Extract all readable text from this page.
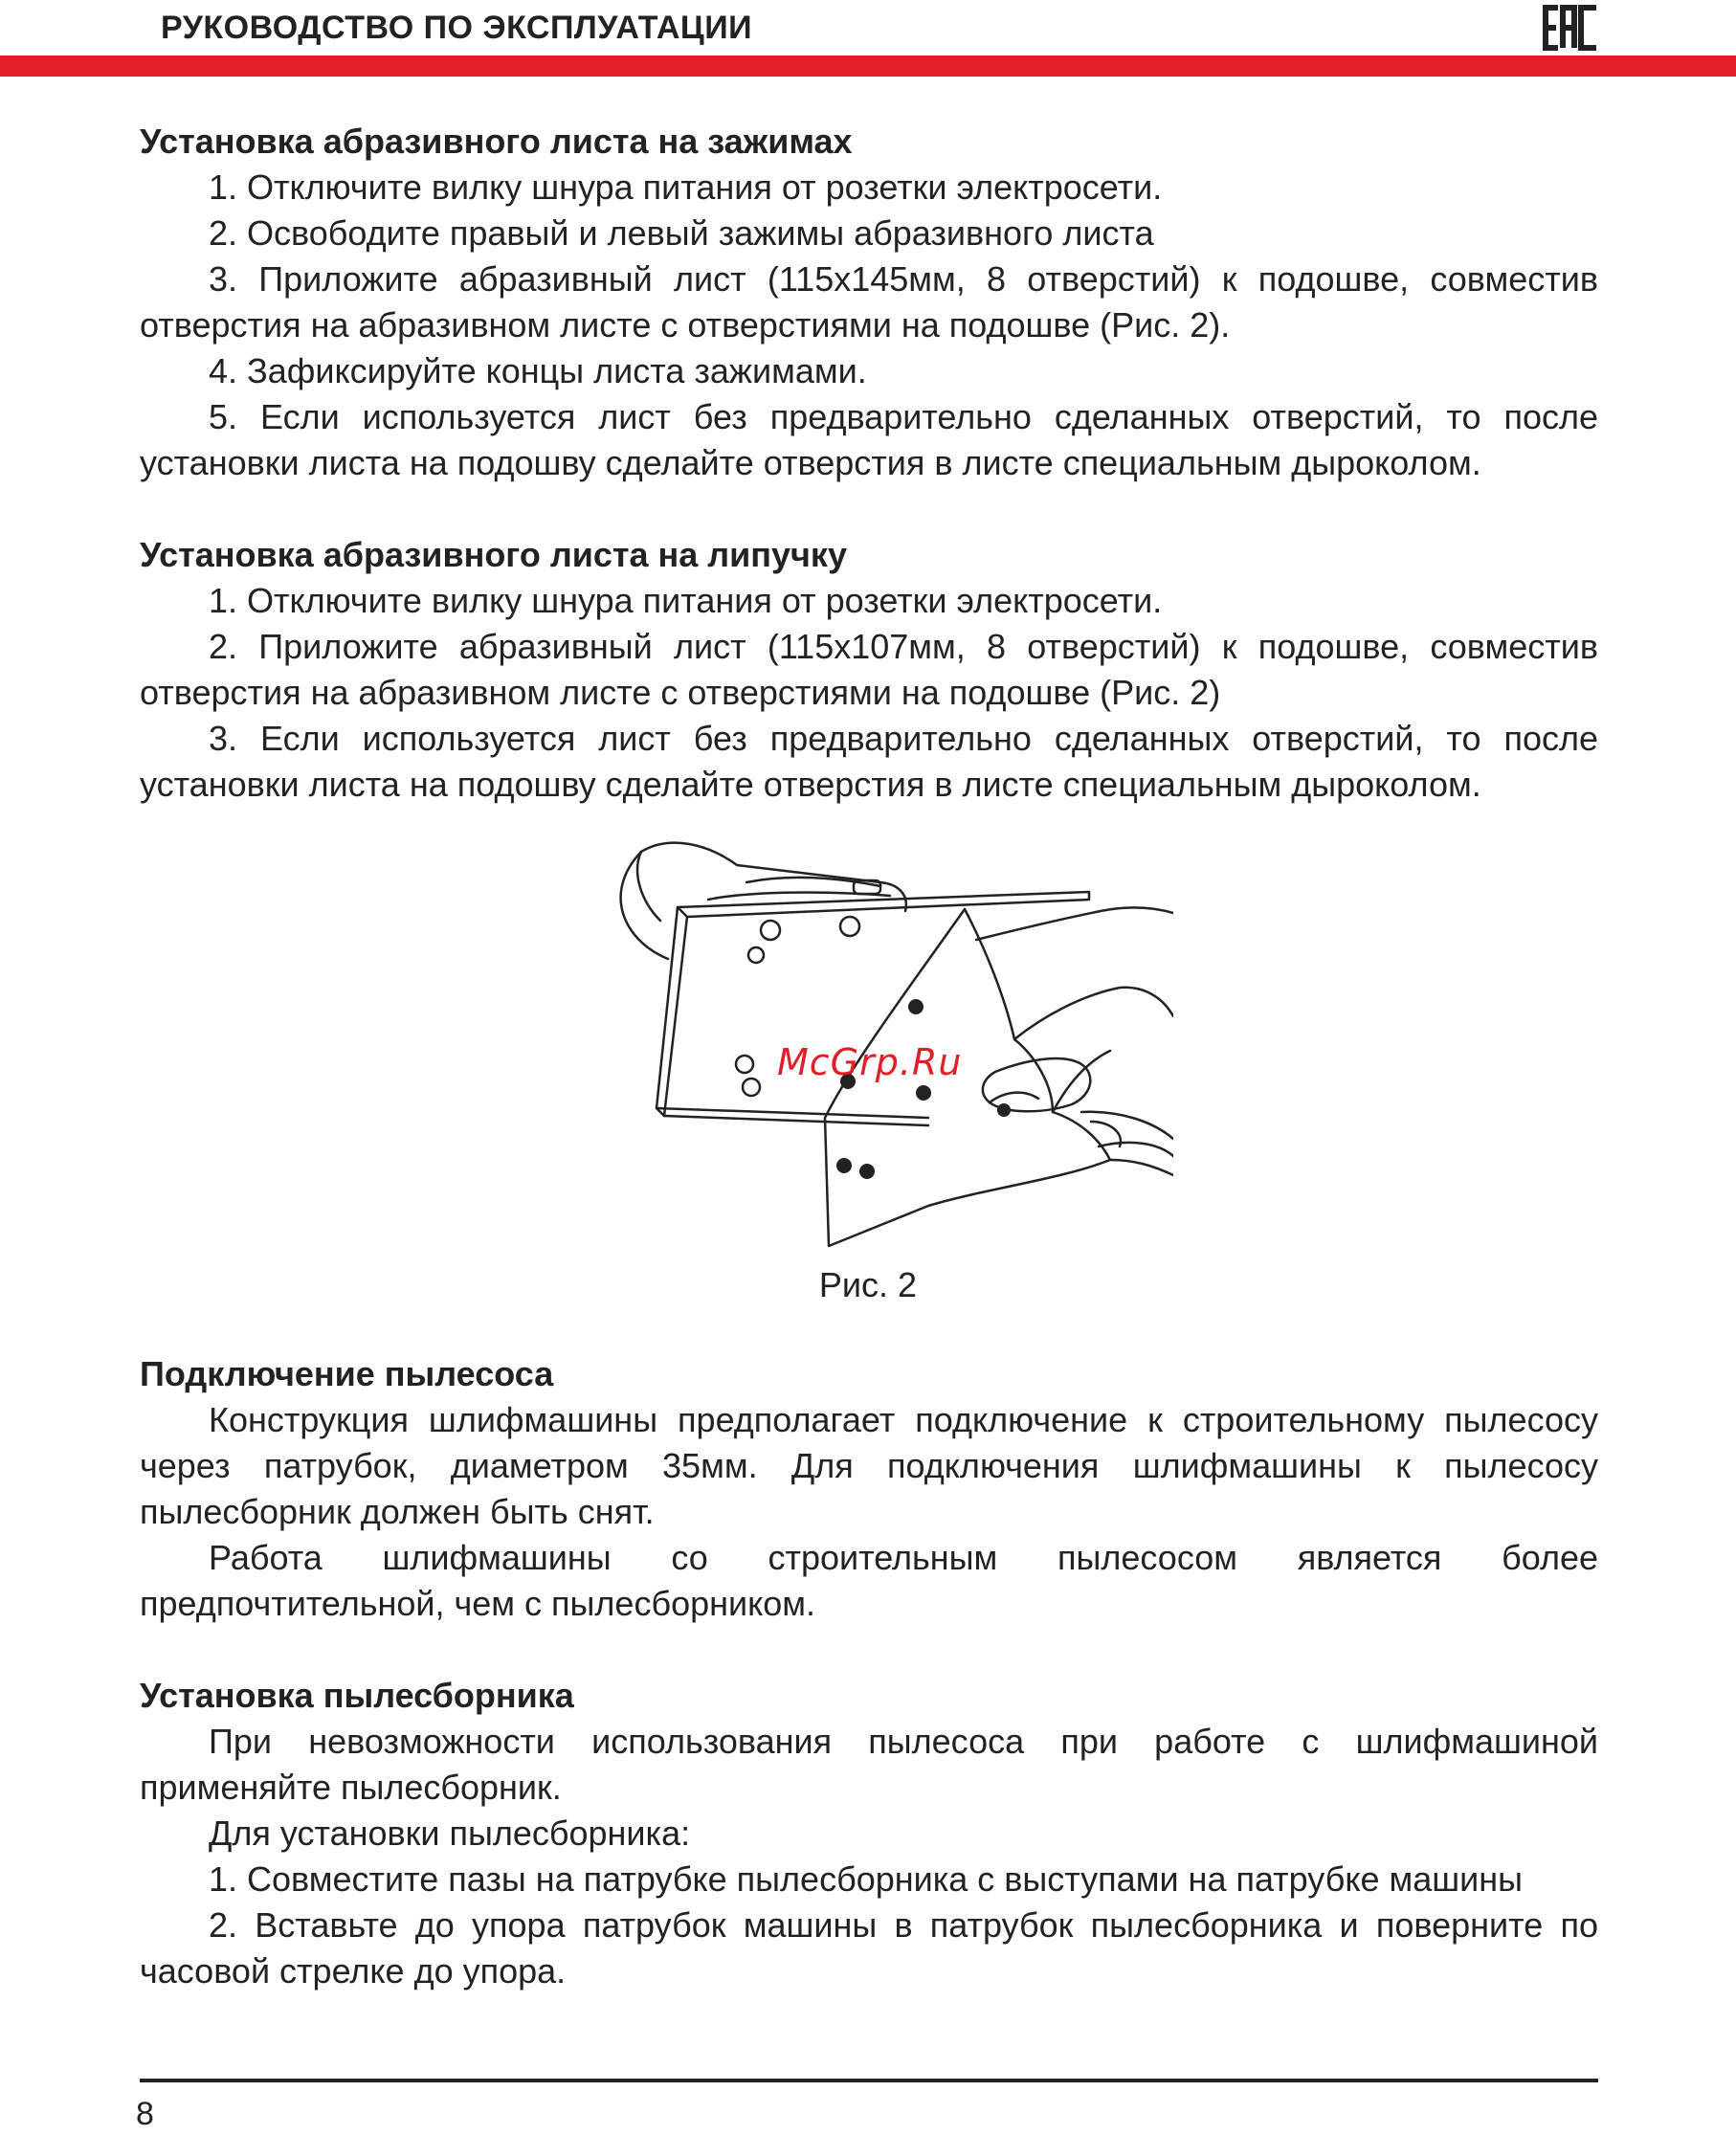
РУКОВОДСТВО ПО ЭКСПЛУАТАЦИИ

Установка абразивного листа на зажимах

1. Отключите вилку шнура питания от розетки электросети.

2. Освободите правый и левый зажимы абразивного листа

3. Приложите абразивный лист (115х145мм, 8 отверстий) к подошве, совместив отверстия на абразивном листе с отверстиями на подошве (Рис. 2).

4. Зафиксируйте концы листа зажимами.

5. Если используется лист без предварительно сделанных отверстий, то после установки листа на подошву сделайте отверстия в листе специальным дыроколом.

Установка абразивного листа на липучку

1. Отключите вилку шнура питания от розетки электросети.

2. Приложите абразивный лист (115х107мм, 8 отверстий) к подошве, совместив отверстия на абразивном листе с отверстиями на подошве (Рис. 2)

3. Если используется лист без предварительно сделанных отверстий, то после установки листа на подошву сделайте отверстия в листе специальным дыроколом.

McGrp.Ru
Рис. 2

Подключение пылесоса

Конструкция шлифмашины предполагает подключение к строительному пылесосу через патрубок, диаметром 35мм. Для подключения шлифмашины к пылесосу пылесборник должен быть снят.

Работа шлифмашины со строительным пылесосом является более предпочтительной, чем с пылесборником.

Установка пылесборника

При невозможности использования пылесоса при работе с шлифмашиной применяйте пылесборник.

Для установки пылесборника:

1. Совместите пазы на патрубке пылесборника с выступами на патрубке машины

2. Вставьте до упора патрубок машины в патрубок пылесборника и поверните по часовой стрелке до упора.

8
